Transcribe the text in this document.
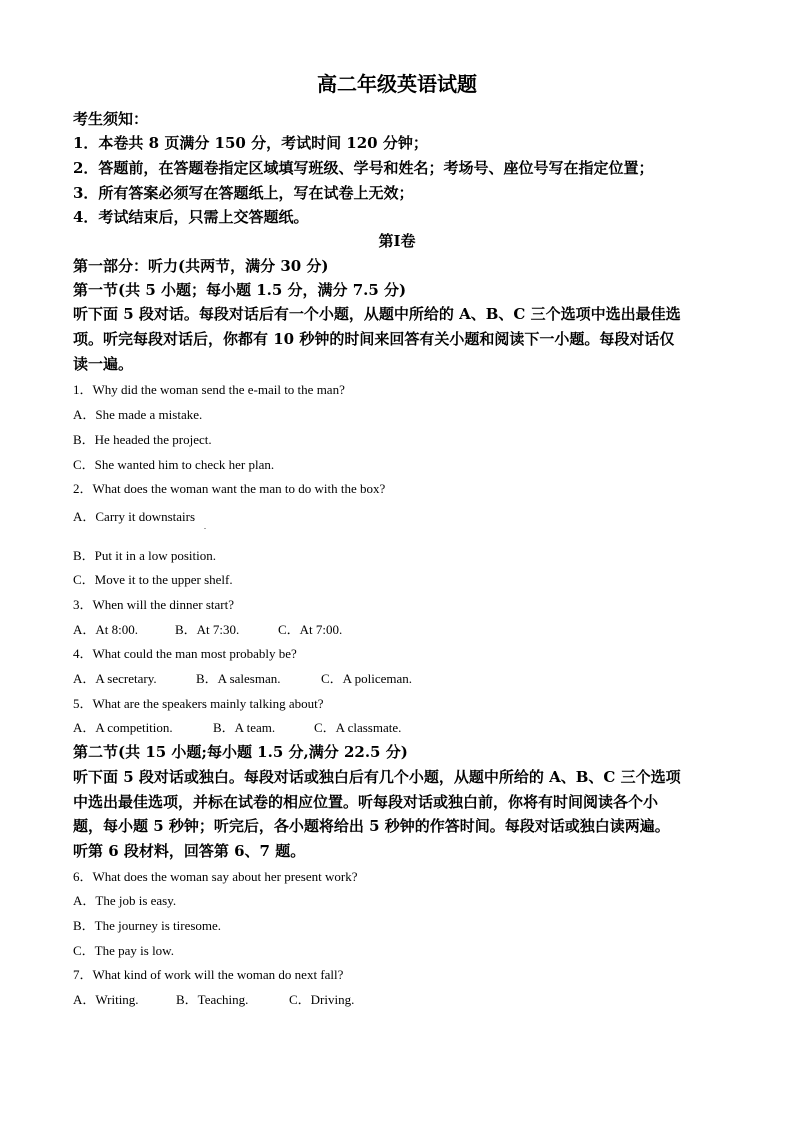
高二年级英语试题
考生须知：
1．本卷共 8 页满分 150 分，考试时间 120 分钟；
2．答题前，在答题卷指定区域填写班级、学号和姓名；考场号、座位号写在指定位置；
3．所有答案必须写在答题纸上，写在试卷上无效；
4．考试结束后，只需上交答题纸。
第Ⅰ卷
第一部分：听力(共两节，满分 30 分)
第一节(共 5 小题；每小题 1.5 分，满分 7.5 分)
听下面 5 段对话。每段对话后有一个小题，从题中所给的 A、B、C 三个选项中选出最佳选
项。听完每段对话后，你都有 10 秒钟的时间来回答有关小题和阅读下一小题。每段对话仅
读一遍。
1．Why did the woman send the e-mail to the man?
A．She made a mistake.
B．He headed the project.
C．She wanted him to check her plan.
2．What does the woman want the man to do with the box?
A．Carry it downstairs
.
B．Put it in a low position.
C．Move it to the upper shelf.
3．When will the dinner start?
A．At 8:00.	B．At 7:30.	C．At 7:00.
4．What could the man most probably be?
A．A secretary.	B．A salesman.	C．A policeman.
5．What are the speakers mainly talking about?
A．A competition.	B．A team.	C．A classmate.
第二节(共 15 小题;每小题 1.5 分,满分 22.5 分)
听下面 5 段对话或独白。每段对话或独白后有几个小题，从题中所给的 A、B、C 三个选项
中选出最佳选项，并标在试卷的相应位置。听每段对话或独白前，你将有时间阅读各个小
题，每小题 5 秒钟；听完后，各小题将给出 5 秒钟的作答时间。每段对话或独白读两遍。
听第 6 段材料，回答第 6、7 题。
6．What does the woman say about her present work?
A．The job is easy.
B．The journey is tiresome.
C．The pay is low.
7．What kind of work will the woman do next fall?
A．Writing.	B．Teaching.	C．Driving.
